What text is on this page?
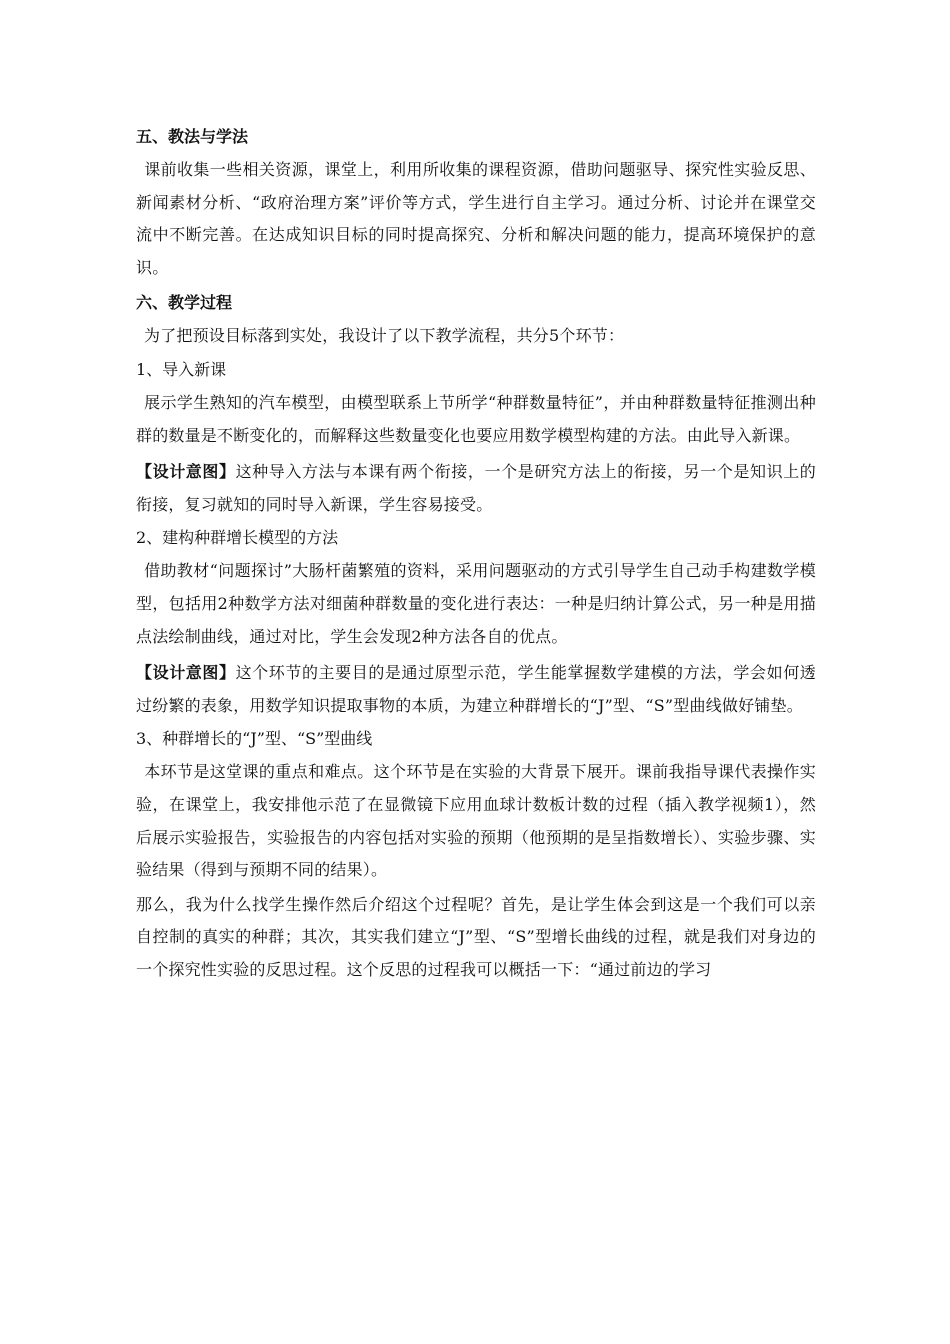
五、教法与学法

课前收集一些相关资源，课堂上，利用所收集的课程资源，借助问题驱导、探究性实验反思、新闻素材分析、“政府治理方案”评价等方式，学生进行自主学习。通过分析、讨论并在课堂交流中不断完善。在达成知识目标的同时提高探究、分析和解决问题的能力，提高环境保护的意识。

六、教学过程

为了把预设目标落到实处，我设计了以下教学流程，共分5个环节：

1、导入新课

展示学生熟知的汽车模型，由模型联系上节所学“种群数量特征”，并由种群数量特征推测出种群的数量是不断变化的，而解释这些数量变化也要应用数学模型构建的方法。由此导入新课。

【设计意图】这种导入方法与本课有两个衔接，一个是研究方法上的衔接，另一个是知识上的衔接，复习就知的同时导入新课，学生容易接受。

2、建构种群增长模型的方法

借助教材“问题探讨”大肠杆菌繁殖的资料，采用问题驱动的方式引导学生自己动手构建数学模型，包括用2种数学方法对细菌种群数量的变化进行表达：一种是归纳计算公式，另一种是用描点法绘制曲线，通过对比，学生会发现2种方法各自的优点。

【设计意图】这个环节的主要目的是通过原型示范，学生能掌握数学建模的方法，学会如何透过纷繁的表象，用数学知识提取事物的本质，为建立种群增长的“J”型、“S”型曲线做好铺垫。

3、种群增长的“J”型、“S”型曲线

本环节是这堂课的重点和难点。这个环节是在实验的大背景下展开。课前我指导课代表操作实验，在课堂上，我安排他示范了在显微镜下应用血球计数板计数的过程（插入教学视频1），然后展示实验报告，实验报告的内容包括对实验的预期（他预期的是呈指数增长）、实验步骤、实验结果（得到与预期不同的结果）。

那么，我为什么找学生操作然后介绍这个过程呢？首先，是让学生体会到这是一个我们可以亲自控制的真实的种群；其次，其实我们建立“J”型、“S”型增长曲线的过程，就是我们对身边的一个探究性实验的反思过程。这个反思的过程我可以概括一下：“通过前边的学习
